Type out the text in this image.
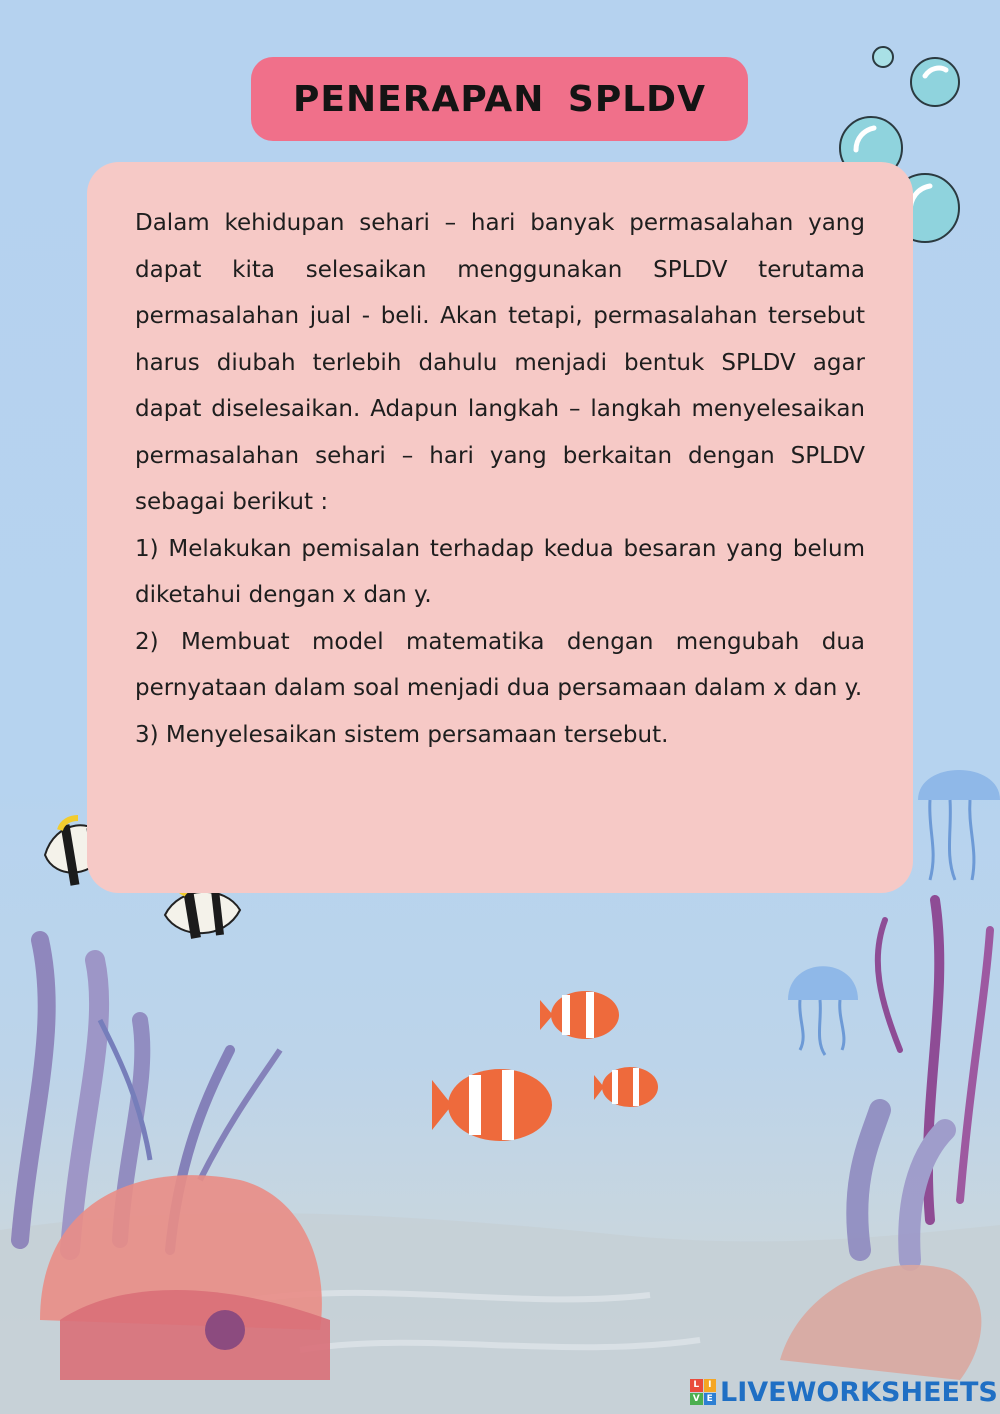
PENERAPAN SPLDV

Dalam kehidupan sehari – hari banyak permasalahan yang dapat kita selesaikan menggunakan SPLDV terutama permasalahan jual - beli. Akan tetapi, permasalahan tersebut harus diubah terlebih dahulu menjadi bentuk SPLDV agar dapat diselesaikan. Adapun langkah – langkah menyelesaikan permasalahan sehari – hari yang berkaitan dengan SPLDV sebagai berikut :

1) Melakukan pemisalan terhadap kedua besaran yang belum diketahui dengan x dan y.

2) Membuat model matematika dengan mengubah dua pernyataan dalam soal menjadi dua persamaan dalam x dan y.

3) Menyelesaikan sistem persamaan tersebut.

L I
V E LIVEWORKSHEETS
